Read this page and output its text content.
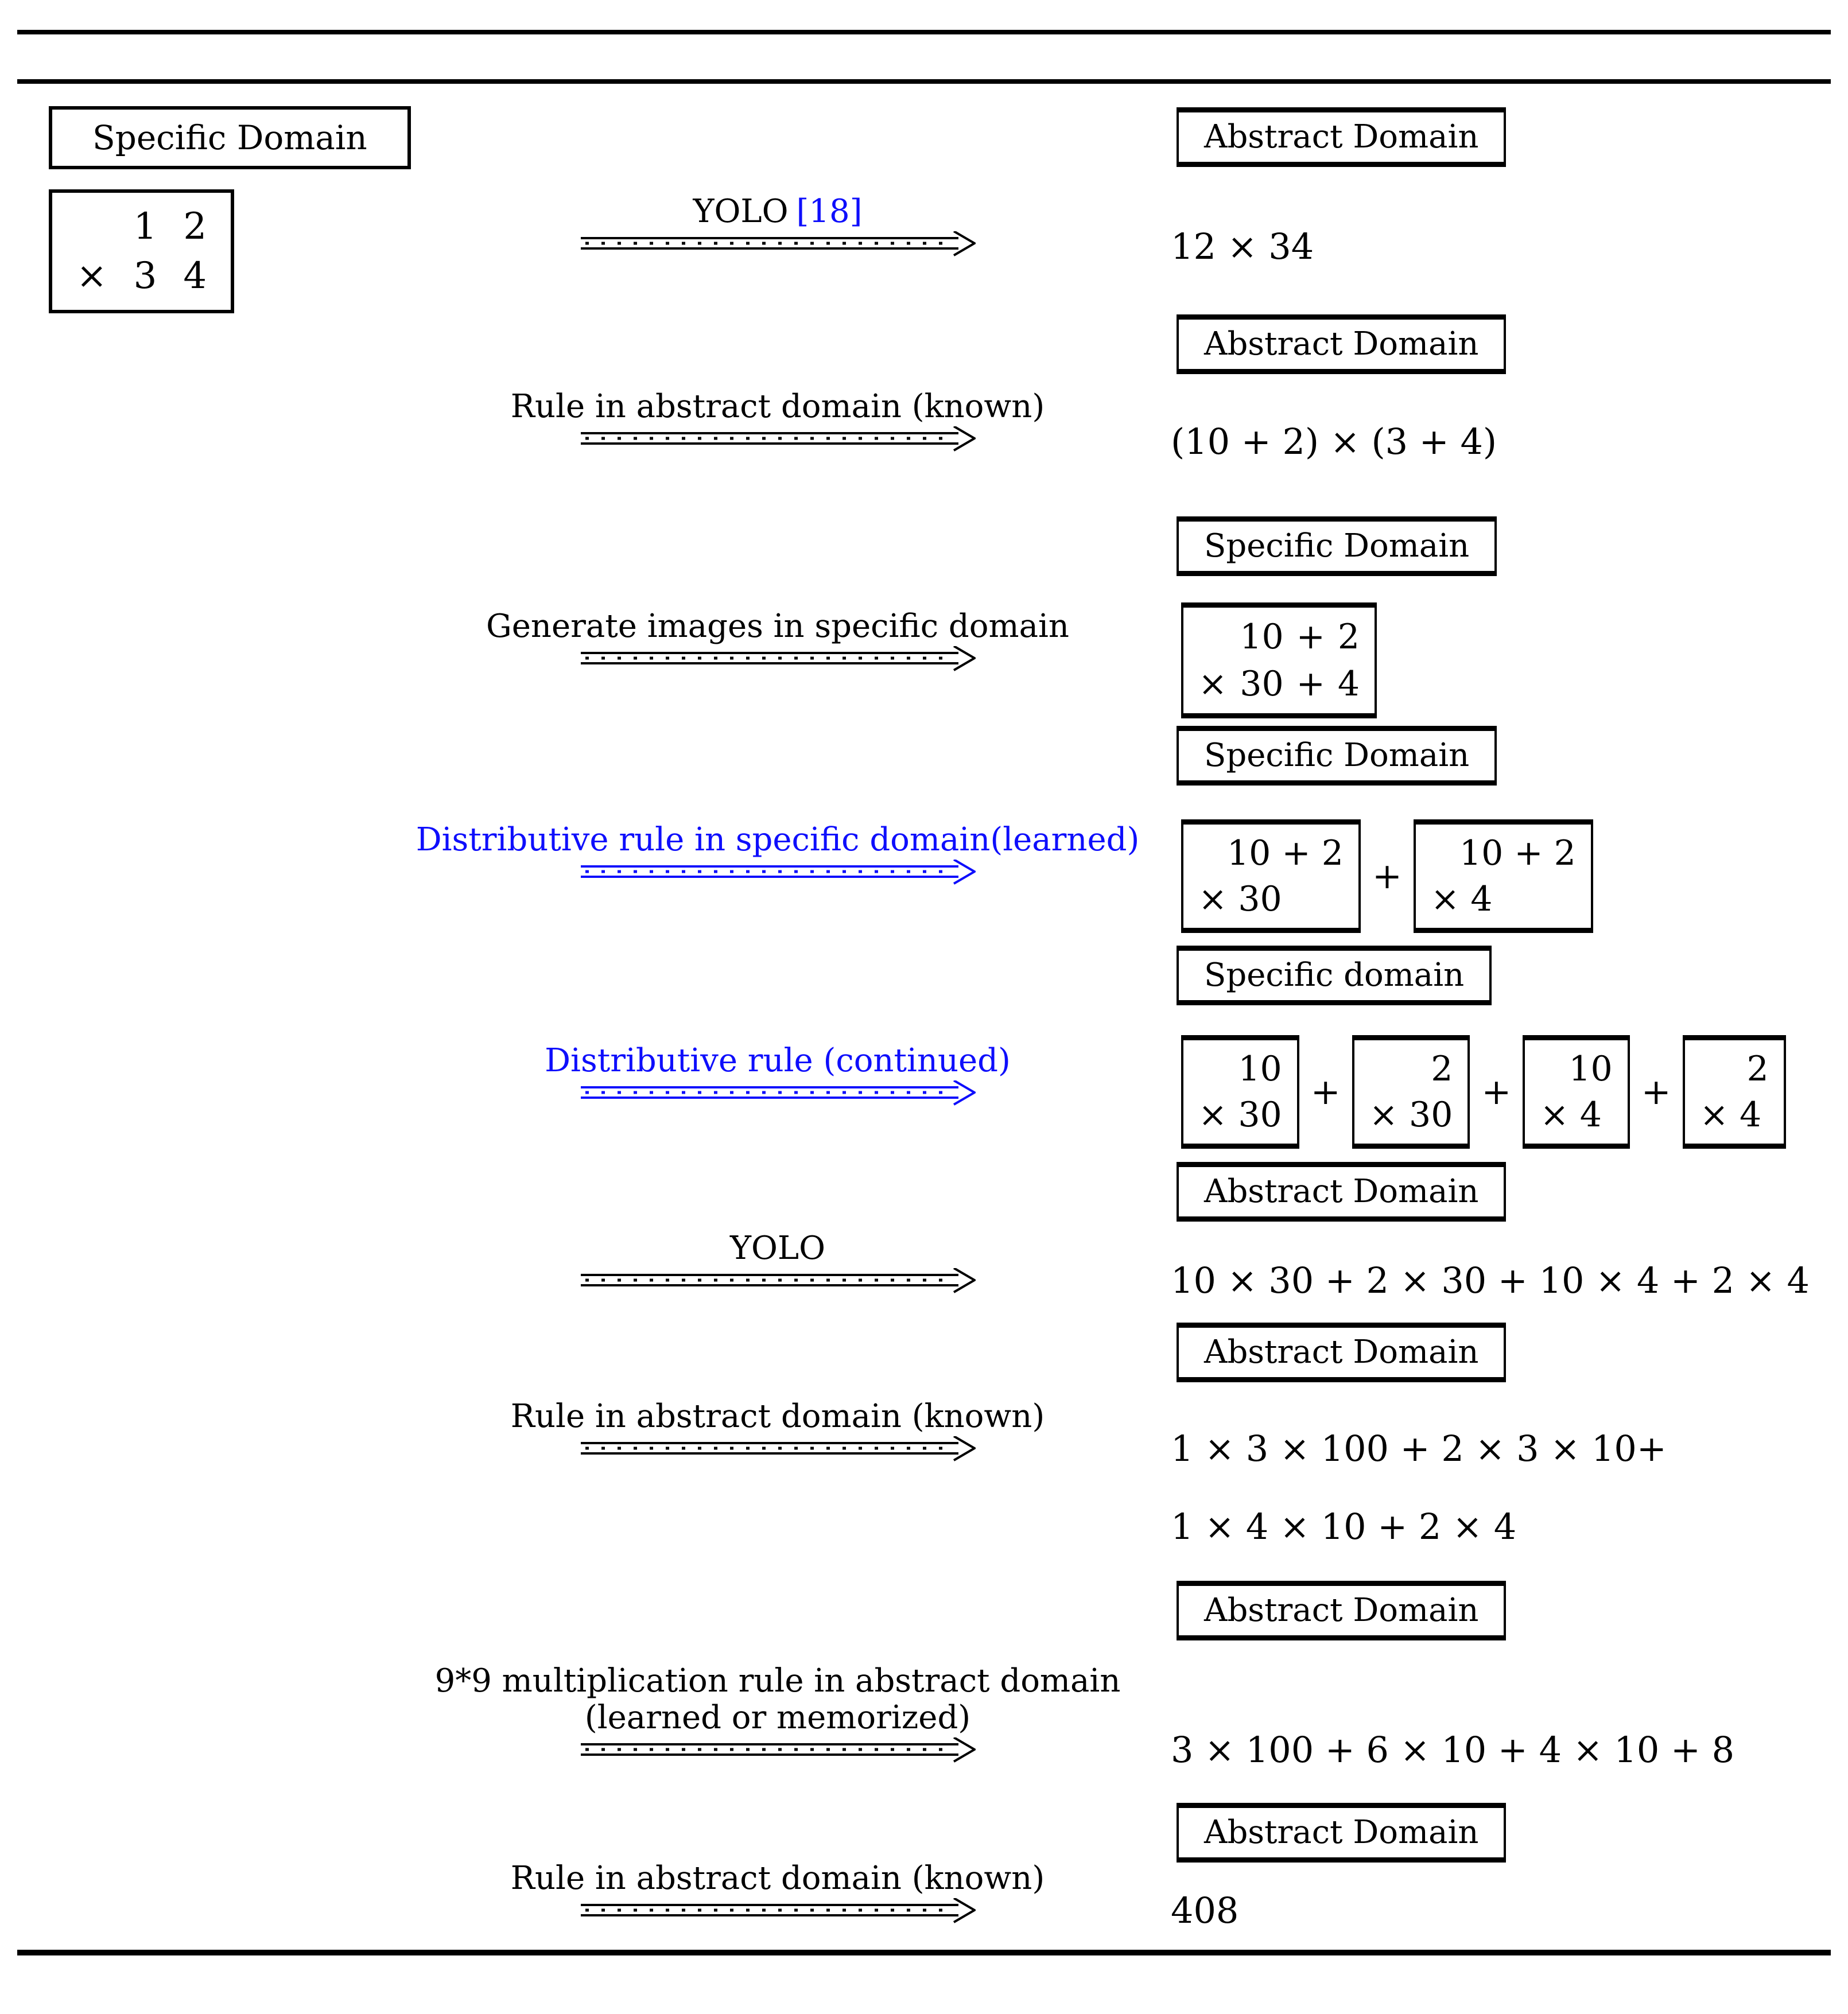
Specific Domain
1 2
× 3 4
Abstract Domain
Abstract Domain
Specific Domain
Specific Domain
Specific domain
Abstract Domain
Abstract Domain
Abstract Domain
Abstract Domain
YOLO [18]
Rule in abstract domain (known)
Generate images in specific domain
Distributive rule in specific domain(learned)
Distributive rule (continued)
YOLO
Rule in abstract domain (known)
9*9 multiplication rule in abstract domain
(learned or memorized)
Rule in abstract domain (known)
12 × 34
(10 + 2) × (3 + 4)
10 + 2
× 30 + 4
10 + 2
× 30
+
10 + 2
× 4
10
× 30
+
2
× 30
+
10
× 4
+
2
× 4
10 × 30 + 2 × 30 + 10 × 4 + 2 × 4
1 × 3 × 100 + 2 × 3 × 10+
1 × 4 × 10 + 2 × 4
3 × 100 + 6 × 10 + 4 × 10 + 8
408
